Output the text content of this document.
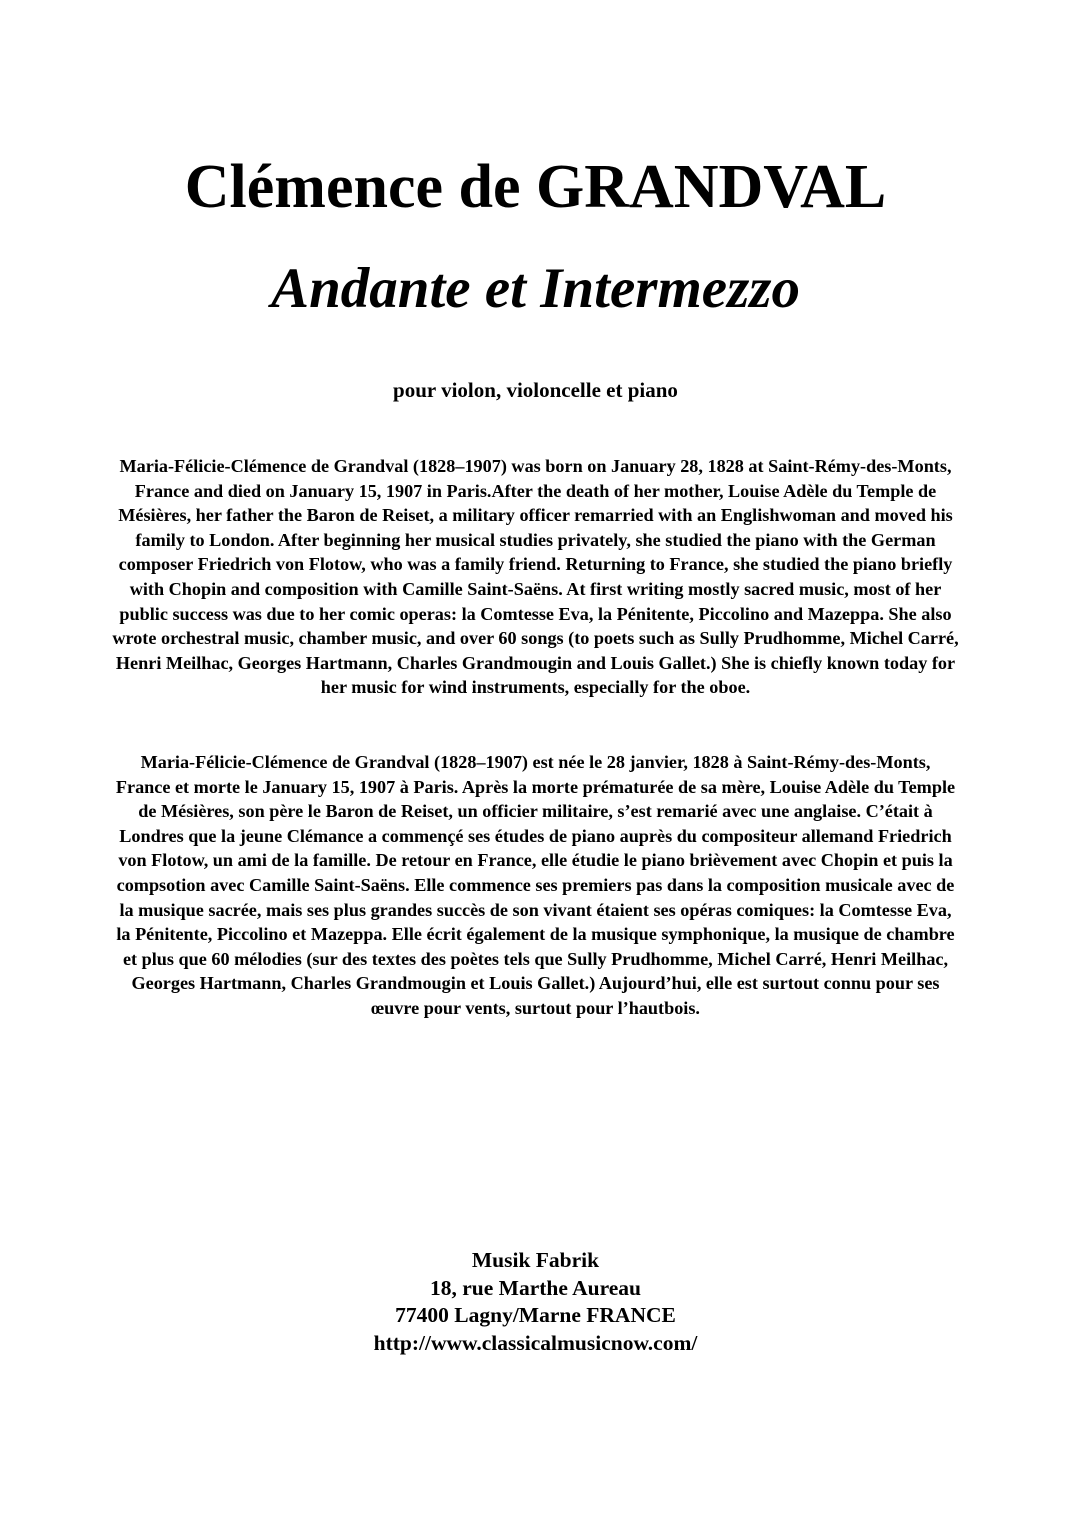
Clémence de GRANDVAL
Andante et Intermezzo

pour violon, violoncelle et piano

Maria-Félicie-Clémence de Grandval (1828–1907) was born on January 28, 1828 at Saint-Rémy-des-Monts, France and died on January 15, 1907 in Paris.After the death of her mother, Louise Adèle du Temple de Mésières, her father the Baron de Reiset, a military officer remarried with an Englishwoman and moved his family to London. After beginning her musical studies privately, she studied the piano with the German composer Friedrich von Flotow, who was a family friend. Returning to France, she studied the piano briefly with Chopin and composition with Camille Saint-Saëns. At first writing mostly sacred music, most of her public success was due to her comic operas: la Comtesse Eva, la Pénitente, Piccolino and Mazeppa. She also wrote orchestral music, chamber music, and over 60 songs (to poets such as Sully Prudhomme, Michel Carré, Henri Meilhac, Georges Hartmann, Charles Grandmougin and Louis Gallet.) She is chiefly known today for her music for wind instruments, especially for the oboe.

Maria-Félicie-Clémence de Grandval (1828–1907) est née le 28 janvier, 1828 à Saint-Rémy-des-Monts, France et morte le January 15, 1907 à Paris. Après la morte prématurée de sa mère, Louise Adèle du Temple de Mésières, son père le Baron de Reiset, un officier militaire, s’est remarié avec une anglaise. C’était à Londres que la jeune Clémance a commençé ses études de piano auprès du compositeur allemand Friedrich von Flotow, un ami de la famille. De retour en France, elle étudie le piano brièvement avec Chopin et puis la compsotion avec Camille Saint-Saëns. Elle commence ses premiers pas dans la composition musicale avec de la musique sacrée, mais ses plus grandes succès de son vivant étaient ses opéras comiques: la Comtesse Eva, la Pénitente, Piccolino et Mazeppa. Elle écrit également de la musique symphonique, la musique de chambre et plus que 60 mélodies (sur des textes des poètes tels que Sully Prudhomme, Michel Carré, Henri Meilhac, Georges Hartmann, Charles Grandmougin et Louis Gallet.) Aujourd’hui, elle est surtout connu pour ses œuvre pour vents, surtout pour l’hautbois.

Musik Fabrik
18, rue Marthe Aureau
77400 Lagny/Marne FRANCE
http://www.classicalmusicnow.com/
